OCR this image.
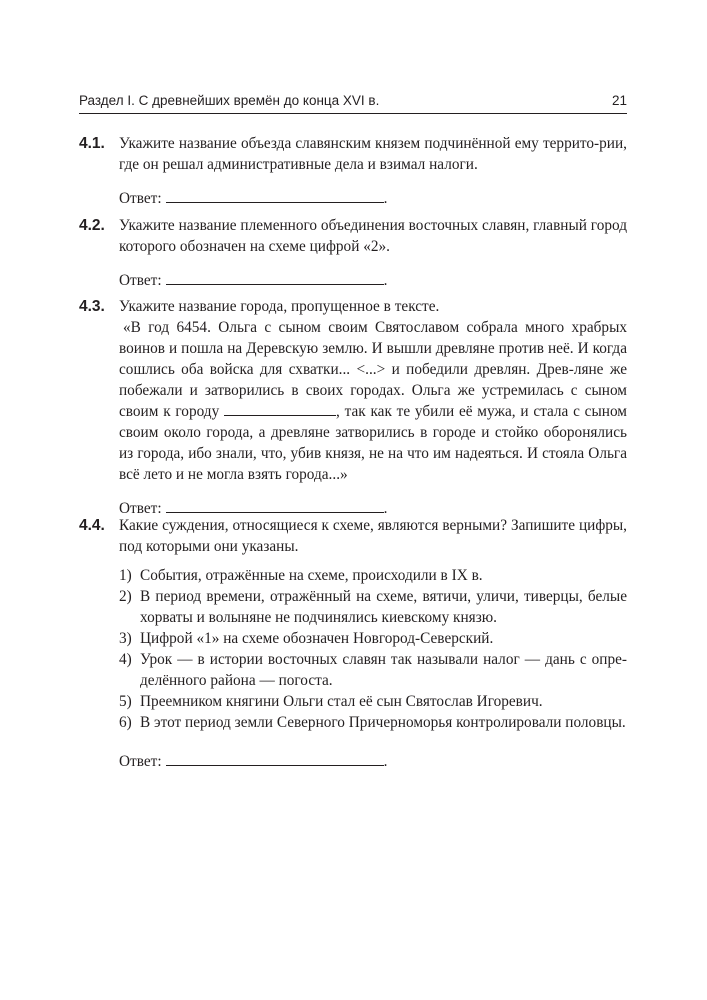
Раздел I. С древнейших времён до конца XVI в.	21
4.1. Укажите название объезда славянским князем подчинённой ему террито-рии, где он решал административные дела и взимал налоги.

Ответ:	.
4.2. Укажите название племенного объединения восточных славян, главный город которого обозначен на схеме цифрой «2».

Ответ:	.
4.3. Укажите название города, пропущенное в тексте.

«В год 6454. Ольга с сыном своим Святославом собрала много храбрых воинов и пошла на Деревскую землю. И вышли древляне против неё. И когда сошлись оба войска для схватки... <...> и победили древлян. Древ-ляне же побежали и затворились в своих городах. Ольга же устремилась с сыном своим к городу	, так как те убили её мужа, и стала с сыном своим около города, а древляне затворились в городе и стойко оборонялись из города, ибо знали, что, убив князя, не на что им надеяться. И стояла Ольга всё лето и не могла взять города...»

Ответ:	.
4.4. Какие суждения, относящиеся к схеме, являются верными? Запишите цифры, под которыми они указаны.

1) События, отражённые на схеме, происходили в IX в.
2) В период времени, отражённый на схеме, вятичи, уличи, тиверцы, белые хорваты и волыняне не подчинялись киевскому князю.
3) Цифрой «1» на схеме обозначен Новгород-Северский.
4) Урок — в истории восточных славян так называли налог — дань с опре-делённого района — погоста.
5) Преемником княгини Ольги стал её сын Святослав Игоревич.
6) В этот период земли Северного Причерноморья контролировали половцы.
Ответ:	.
